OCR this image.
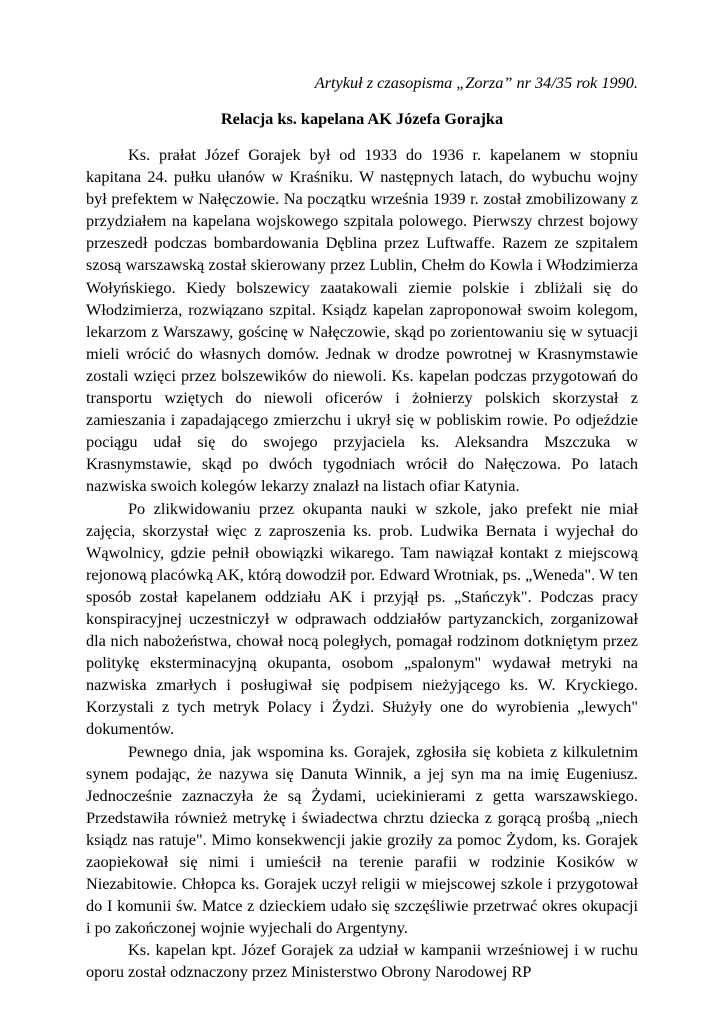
Artykuł z czasopisma „Zorza” nr 34/35 rok 1990.

Relacja ks. kapelana AK Józefa Gorajka

Ks. prałat Józef Gorajek był od 1933 do 1936 r. kapelanem w stopniu kapitana 24. pułku ułanów w Kraśniku. W następnych latach, do wybuchu wojny był prefektem w Nałęczowie. Na początku września 1939 r. został zmobilizowany z przydziałem na kapelana wojskowego szpitala polowego. Pierwszy chrzest bojowy przeszedł podczas bombardowania Dęblina przez Luftwaffe. Razem ze szpitalem szosą warszawską został skierowany przez Lublin, Chełm do Kowla i Włodzimierza Wołyńskiego. Kiedy bolszewicy zaatakowali ziemie polskie i zbliżali się do Włodzimierza, rozwiązano szpital. Ksiądz kapelan zaproponował swoim kolegom, lekarzom z Warszawy, gościnę w Nałęczowie, skąd po zorientowaniu się w sytuacji mieli wrócić do własnych domów. Jednak w drodze powrotnej w Krasnymstawie zostali wzięci przez bolszewików do niewoli. Ks. kapelan podczas przygotowań do transportu wziętych do niewoli oficerów i żołnierzy polskich skorzystał z zamieszania i zapadającego zmierzchu i ukrył się w pobliskim rowie. Po odjeździe pociągu udał się do swojego przyjaciela ks. Aleksandra Mszczuka w Krasnymstawie, skąd po dwóch tygodniach wrócił do Nałęczowa. Po latach nazwiska swoich kolegów lekarzy znalazł na listach ofiar Katynia.

Po zlikwidowaniu przez okupanta nauki w szkole, jako prefekt nie miał zajęcia, skorzystał więc z zaproszenia ks. prob. Ludwika Bernata i wyjechał do Wąwolnicy, gdzie pełnił obowiązki wikarego. Tam nawiązał kontakt z miejscową rejonową placówką AK, którą dowodził por. Edward Wrotniak, ps. „Weneda". W ten sposób został kapelanem oddziału AK i przyjął ps. „Stańczyk". Podczas pracy konspiracyjnej uczestniczył w odprawach oddziałów partyzanckich, zorganizował dla nich nabożeństwa, chował nocą poległych, pomagał rodzinom dotkniętym przez politykę eksterminacyjną okupanta, osobom „spalonym" wydawał metryki na nazwiska zmarłych i posługiwał się podpisem nieżyjącego ks. W. Kryckiego. Korzystali z tych metryk Polacy i Żydzi. Służyły one do wyrobienia „lewych" dokumentów.

Pewnego dnia, jak wspomina ks. Gorajek, zgłosiła się kobieta z kilkuletnim synem podając, że nazywa się Danuta Winnik, a jej syn ma na imię Eugeniusz. Jednocześnie zaznaczyła że są Żydami, uciekinierami z getta warszawskiego. Przedstawiła również metrykę i świadectwa chrztu dziecka z gorącą prośbą „niech ksiądz nas ratuje". Mimo konsekwencji jakie groziły za pomoc Żydom, ks. Gorajek zaopiekował się nimi i umieścił na terenie parafii w rodzinie Kosików w Niezabitowie. Chłopca ks. Gorajek uczył religii w miejscowej szkole i przygotował do I komunii św. Matce z dzieckiem udało się szczęśliwie przetrwać okres okupacji i po zakończonej wojnie wyjechali do Argentyny.

Ks. kapelan kpt. Józef Gorajek za udział w kampanii wrześniowej i w ruchu oporu został odznaczony przez Ministerstwo Obrony Narodowej RP
